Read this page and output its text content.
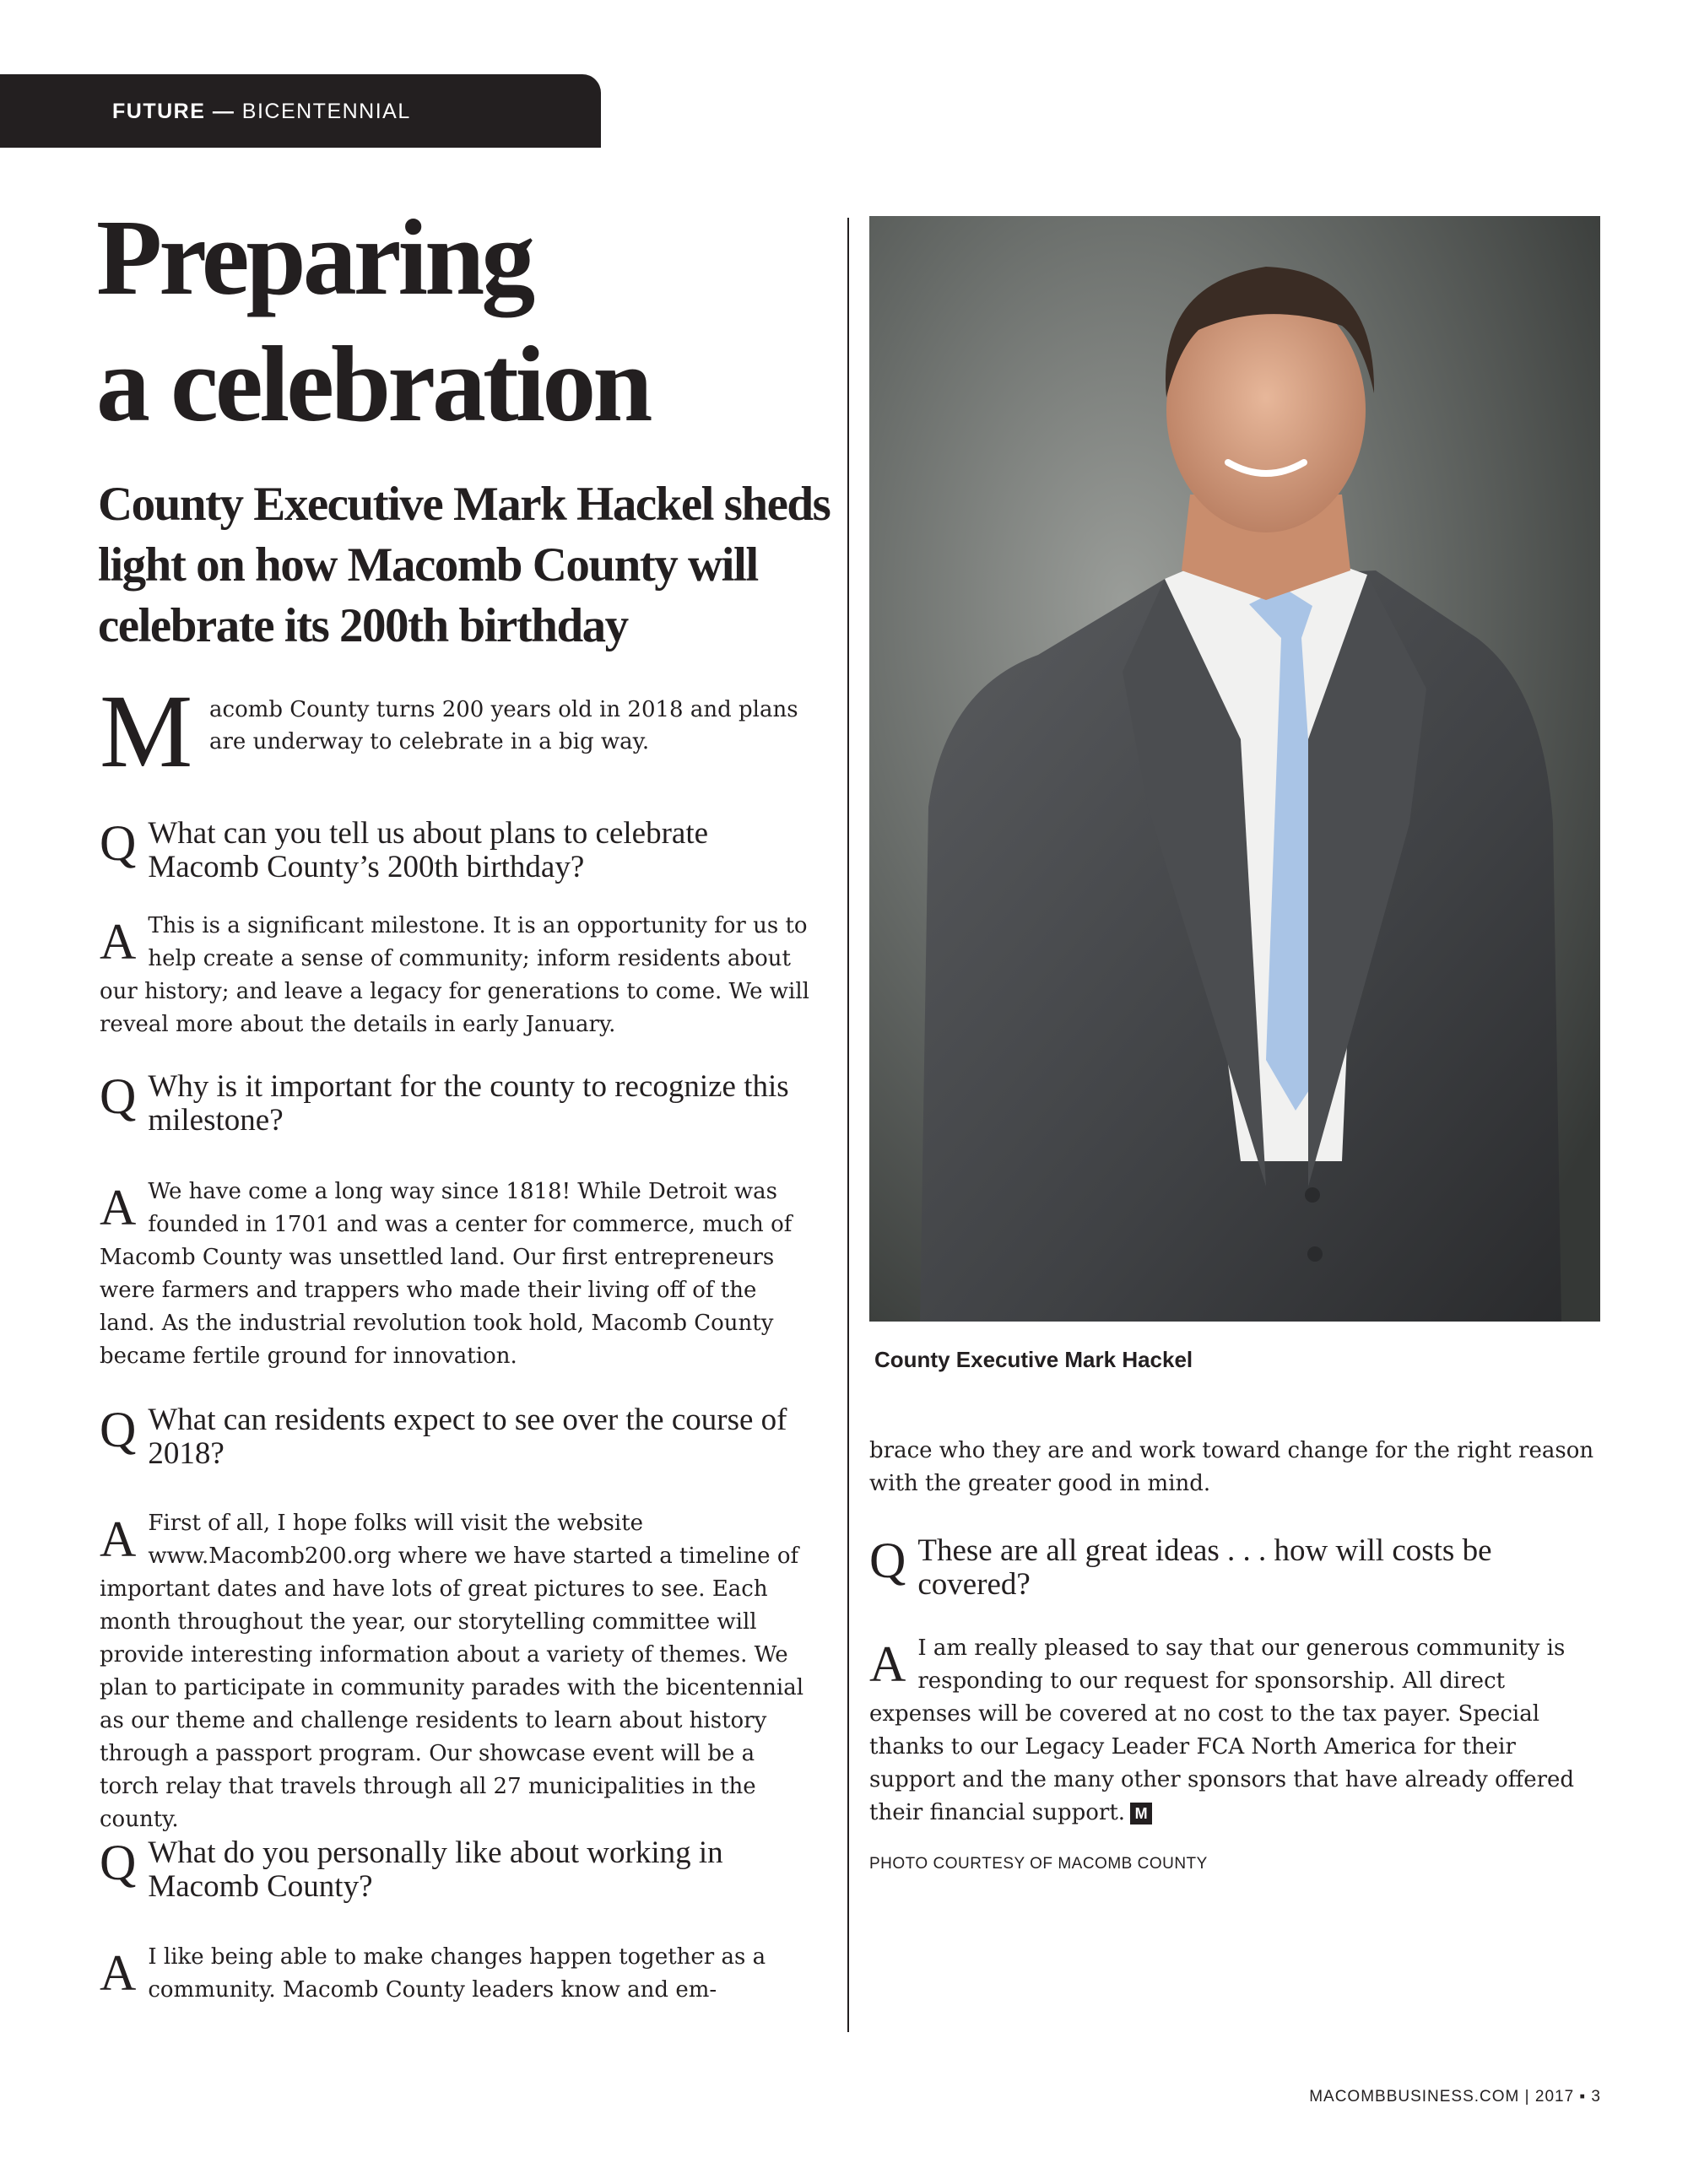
FUTURE — BICENTENNIAL
Preparing
a celebration
County Executive Mark Hackel sheds light on how Macomb County will celebrate its 200th birthday
M acomb County turns 200 years old in 2018 and plans are underway to celebrate in a big way.
Q What can you tell us about plans to celebrate Macomb County’s 200th birthday?
A This is a significant milestone. It is an opportunity for us to help create a sense of community; inform residents about our history; and leave a legacy for generations to come. We will reveal more about the details in early January.
Q Why is it important for the county to recognize this milestone?
A We have come a long way since 1818! While Detroit was founded in 1701 and was a center for commerce, much of Macomb County was unsettled land. Our first entrepreneurs were farmers and trappers who made their living off of the land. As the industrial revolution took hold, Macomb County became fertile ground for innovation.
Q What can residents expect to see over the course of 2018?
A First of all, I hope folks will visit the website www.Macomb200.org where we have started a timeline of important dates and have lots of great pictures to see. Each month throughout the year, our storytelling committee will provide interesting information about a variety of themes. We plan to participate in community parades with the bicentennial as our theme and challenge residents to learn about history through a passport program. Our showcase event will be a torch relay that travels through all 27 municipalities in the county.
Q What do you personally like about working in Macomb County?
A I like being able to make changes happen together as a community. Macomb County leaders know and em-
County Executive Mark Hackel
brace who they are and work toward change for the right reason with the greater good in mind.
Q These are all great ideas . . . how will costs be covered?
A I am really pleased to say that our generous community is responding to our request for sponsorship. All direct expenses will be covered at no cost to the tax payer. Special thanks to our Legacy Leader FCA North America for their support and the many other sponsors that have already offered their financial support. M
PHOTO COURTESY OF MACOMB COUNTY
MACOMBBUSINESS.COM | 2017 ▪ 3
